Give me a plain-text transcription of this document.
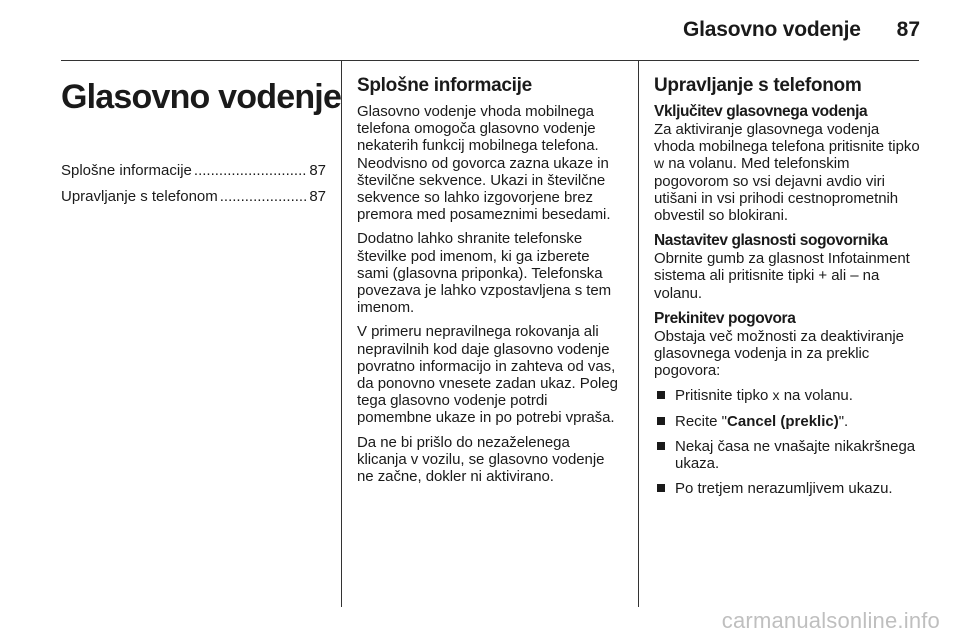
Glasovno vodenje 87
Glasovno vodenje
Splošne informacije .....	87
Upravljanje s telefonom .....	87
Splošne informacije

Glasovno vodenje vhoda mobilnega telefona omogoča glasovno vodenje nekaterih funkcij mobilnega telefona. Neodvisno od govorca zazna ukaze in številčne sekvence. Ukazi in številčne sekvence so lahko izgovorjene brez premora med posameznimi besedami.

Dodatno lahko shranite telefonske številke pod imenom, ki ga izberete sami (glasovna priponka). Telefonska povezava je lahko vzpostavljena s tem imenom.

V primeru nepravilnega rokovanja ali nepravilnih kod daje glasovno vodenje povratno informacijo in zahteva od vas, da ponovno vnesete zadan ukaz. Poleg tega glasovno vodenje potrdi pomembne ukaze in po potrebi vpraša.

Da ne bi prišlo do nezaželenega klicanja v vozilu, se glasovno vodenje ne začne, dokler ni aktivirano.

Upravljanje s telefonom
Vključitev glasovnega vodenja

Za aktiviranje glasovnega vodenja vhoda mobilnega telefona pritisnite tipko w na volanu. Med telefonskim pogovorom so vsi dejavni avdio viri utišani in vsi prihodi cestnoprometnih obvestil so blokirani.

Nastavitev glasnosti sogovornika

Obrnite gumb za glasnost Infotainment sistema ali pritisnite tipki + ali – na volanu.

Prekinitev pogovora

Obstaja več možnosti za deaktiviranje glasovnega vodenja in za preklic pogovora:

Pritisnite tipko x na volanu.
Recite "Cancel (preklic)".
Nekaj časa ne vnašajte nikakršnega ukaza.
Po tretjem nerazumljivem ukazu.
carmanualsonline.info
